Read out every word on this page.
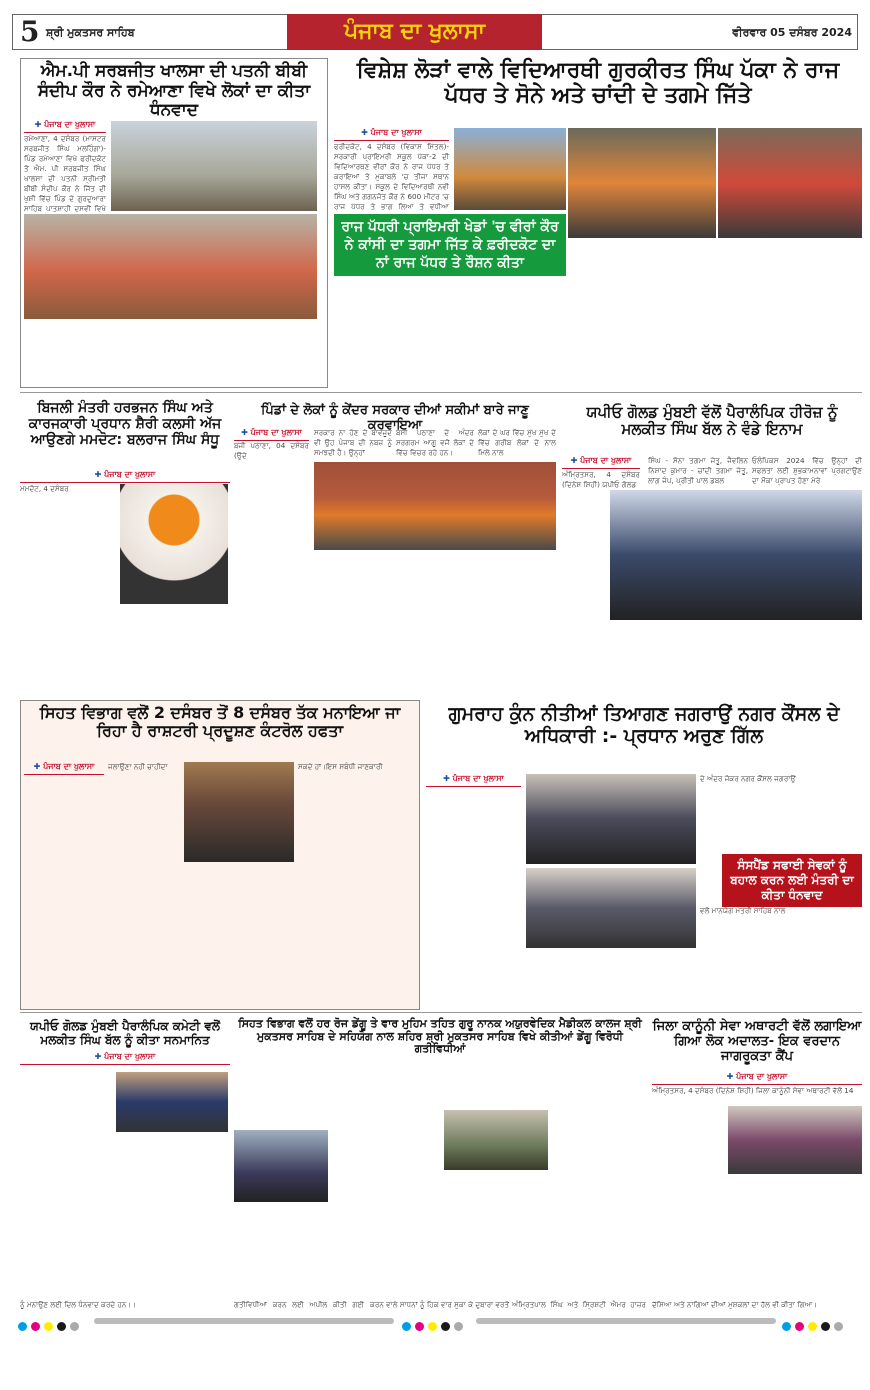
5 ਸ਼੍ਰੀ ਮੁਕਤਸਰ ਸਾਹਿਬ	ਪੰਜਾਬ ਦਾ ਖੁਲਾਸਾ	ਵੀਰਵਾਰ 05 ਦਸੰਬਰ 2024
ਐਮ.ਪੀ ਸਰਬਜੀਤ ਖਾਲਸਾ ਦੀ ਪਤਨੀ ਬੀਬੀ ਸੰਦੀਪ ਕੌਰ ਨੇ ਰਮੇਆਣਾ ਵਿਖੇ ਲੋਕਾਂ ਦਾ ਕੀਤਾ ਧੰਨਵਾਦ
✚ ਪੰਜਾਬ ਦਾ ਖੁਲਾਸਾ
ਰਮੇਆਣਾ, 4 ਦਸੰਬਰ (ਮਾਸਟਰ ਸਰਬਜੀਤ ਸਿੰਘ ਮਲਹਿੰਗਾ)- ਪਿੰਡ ਰਮੇਆਣਾ ਵਿਖੇ ਫਰੀਦਕੋਟ ਤੋਂ ਐਮ. ਪੀ ਸਰਬਜੀਤ ਸਿੰਘ ਖਾਲਸਾ ਦੀ ਪਤਨੀ ਸ੍ਰੀਮਤੀ ਬੀਬੀ ਸੰਦੀਪ ਕੌਰ ਨੇ ਜਿੱਤ ਦੀ ਖੁਸ਼ੀ ਵਿੱਚ ਪਿੰਡ ਦੇ ਗੁਰਦੁਆਰਾ ਸਾਹਿਬ ਪਾਤਸ਼ਾਹੀ ਦਸਵੀਂ ਵਿਖੇ
ਵਿਸ਼ੇਸ਼ ਲੋੜਾਂ ਵਾਲੇ ਵਿਦਿਆਰਥੀ ਗੁਰਕੀਰਤ ਸਿੰਘ ਪੱਕਾ ਨੇ ਰਾਜ ਪੱਧਰ ਤੇ ਸੋਨੇ ਅਤੇ ਚਾਂਦੀ ਦੇ ਤਗਮੇ ਜਿੱਤੇ
✚ ਪੰਜਾਬ ਦਾ ਖੁਲਾਸਾ
ਫਰੀਦਕੋਟ, 4 ਦਸੰਬਰ (ਵਿਕਾਸ ਮਿੱਤਲ)-ਸਰਕਾਰੀ ਪ੍ਰਾਇਮਰੀ ਸਕੂਲ ਪੱਕਾ-2 ਦੀ ਵਿਦਿਆਰਥਣ ਵੀਰਾਂ ਕੌਰ ਨੇ ਰਾਜ ਪੱਧਰ ਤੇ ਕਰਾਇਆਂ ਤੇ ਮੁਕਾਬਲੇ 'ਚ ਤੀਜਾ ਸਥਾਨ ਹਾਸਲ ਕੀਤਾ। ਸਕੂਲ ਦੇ ਵਿਦਿਆਰਥੀ ਨਵੀ ਸਿੰਘ ਅਤੇ ਗਗਨਜੋਤ ਕੌਰ ਨੇ 600 ਮੀਟਰ 'ਚ ਰਾਜ ਪੱਧਰ ਤੇ ਭਾਗ ਲਿਆ ਤੇ ਵਧੀਆ
ਰਾਜ ਪੱਧਰੀ ਪ੍ਰਾਇਮਰੀ ਖੇਡਾਂ 'ਚ ਵੀਰਾਂ ਕੌਰ ਨੇ ਕਾਂਸੀ ਦਾ ਤਗਮਾ ਜਿੱਤ ਕੇ ਫ਼ਰੀਦਕੋਟ ਦਾ ਨਾਂ ਰਾਜ ਪੱਧਰ ਤੇ ਰੌਸ਼ਨ ਕੀਤਾ
ਬਿਜਲੀ ਮੰਤਰੀ ਹਰਭਜਨ ਸਿੰਘ ਅਤੇ ਕਾਰਜਕਾਰੀ ਪ੍ਰਧਾਨ ਸ਼ੈਰੀ ਕਲਸੀ ਅੱਜ ਆਉਣਗੇ ਮਮਦੋਟ: ਬਲਰਾਜ ਸਿੰਘ ਸੰਧੂ
✚ ਪੰਜਾਬ ਦਾ ਖੁਲਾਸਾ
ਮਮਦੋਟ, 4 ਦਸੰਬਰ
ਪਿੰਡਾਂ ਦੇ ਲੋਕਾਂ ਨੂੰ ਕੇਂਦਰ ਸਰਕਾਰ ਦੀਆਂ ਸਕੀਮਾਂ ਬਾਰੇ ਜਾਣੂ ਕਰਵਾਇਆ
✚ ਪੰਜਾਬ ਦਾ ਖੁਲਾਸਾ
ਬਜੀ ਪਠਾਣਾ, 04 ਦਸੰਬਰ (ਉਦੇ
ਸਰਕਾਰ ਨਾ ਹੋਣ ਦੇ ਬਾਵਜੂਦ ਵੀ ਉਹ ਪੰਜਾਬ ਦੀ ਨਬਜ਼ ਨੂੰ ਸਮਝਦੀ ਹੈ। ਉਨ੍ਹਾਂ
ਬਸੀ ਪਠਾਣਾ ਦੇ ਅੰਦਰ ਸਰਗਰਮ ਆਗੂ ਵਜੋਂ ਲੋਕਾਂ ਦੇ ਵਿੱਚ ਵਿਚਰ ਰਹੇ ਹਨ।
ਲੋਕਾਂ ਦੇ ਘਰ ਵਿੱਚ ਮੁੱਖ ਮੁੱਖ ਦੇ ਵਿੱਚ ਗਰੀਬ ਲੋਕਾਂ ਦੇ ਨਾਲ ਮਿਲੇ ਨਾਲ
ਯਪੀਓ ਗੋਲਡ ਮੁੰਬਈ ਵੱਲੋਂ ਪੈਰਾਲੰਪਿਕ ਹੀਰੋਜ਼ ਨੂੰ ਮਲਕੀਤ ਸਿੰਘ ਬੱਲ ਨੇ ਵੰਡੇ ਇਨਾਮ
✚ ਪੰਜਾਬ ਦਾ ਖੁਲਾਸਾ
ਅੰਮ੍ਰਿਤਸਰ, 4 ਦਸੰਬਰ (ਦਿਨੇਸ਼ ਸ਼ਿਹੀ) ਯਪੀਓ ਗੋਲਡ
ਸਿੰਘ - ਸੋਨਾ ਤਗਮਾ ਜੇਤੂ, ਜੈਵਲਿਨ ਨਿਸ਼ਾਦ ਕੁਮਾਰ - ਚਾਂਦੀ ਤਗਮਾ ਜੇਤੂ, ਲਾਂਗ ਜੰਪ, ਪ੍ਰੀਤੀ ਪਾਲ ਡਬਲ
ਓਲੰਪਿਕਸ 2024 ਵਿੱਚ ਉਨ੍ਹਾਂ ਦੀ ਸਫਲਤਾ ਲਈ ਸ਼ੁਭਕਾਮਨਾਵਾਂ ਪ੍ਰਗਟਾਉਣ ਦਾ ਮੌਕਾ ਪ੍ਰਾਪਤ ਹੋਣਾ ਮੇਰੇ
ਸਿਹਤ ਵਿਭਾਗ ਵਲੋਂ 2 ਦਸੰਬਰ ਤੋਂ 8 ਦਸੰਬਰ ਤੱਕ ਮਨਾਇਆ ਜਾ ਰਿਹਾ ਹੈ ਰਾਸ਼ਟਰੀ ਪ੍ਰਦੂਸ਼ਣ ਕੰਟਰੋਲ ਹਫਤਾ
✚ ਪੰਜਾਬ ਦਾ ਖੁਲਾਸਾ	ਜਲਾਉਣਾ ਨਹੀ ਚਾਹੀਦਾ	ਸਕਦੇ ਹਾਂ।ਇਸ ਸਬੰਧੀ ਜਾਣਕਾਰੀ
ਗੁਮਰਾਹ ਕੁੰਨ ਨੀਤੀਆਂ ਤਿਆਗਣ ਜਗਰਾਉਂ ਨਗਰ ਕੌਂਸਲ ਦੇ ਅਧਿਕਾਰੀ :- ਪ੍ਰਧਾਨ ਅਰੁਣ ਗਿੱਲ
✚ ਪੰਜਾਬ ਦਾ ਖੁਲਾਸਾ	ਦੇ ਅੰਦਰ ਜੋਕਰ ਨਗਰ ਕੌਂਸਲ ਜਗਰਾਉਂ
ਸੰਸਪੈਂਡ ਸਫਾਈ ਸੇਵਕਾਂ ਨੂੰ ਬਹਾਲ ਕਰਨ ਲਈ ਮੰਤਰੀ ਦਾ ਕੀਤਾ ਧੰਨਵਾਦ
ਵਲੋਂ ਮਾਨਯੋਗ ਮੰਤਰੀ ਸਾਹਿਬ ਨਾਲ
ਯਪੀਓ ਗੋਲਡ ਮੁੰਬਈ ਪੈਰਾਲੰਪਿਕ ਕਮੇਟੀ ਵਲੋਂ ਮਲਕੀਤ ਸਿੰਘ ਬੱਲ ਨੂੰ ਕੀਤਾ ਸਨਮਾਨਿਤ
✚ ਪੰਜਾਬ ਦਾ ਖੁਲਾਸਾ
ਸਿਹਤ ਵਿਭਾਗ ਵਲੋਂ ਹਰ ਰੋਜ ਡੇਂਗੂ ਤੇ ਵਾਰ ਮੁਹਿਮ ਤਹਿਤ ਗੁਰੂ ਨਾਨਕ ਅਯੁਰਵੇਦਿਕ ਮੈਡੀਕਲ ਕਾਲਜ ਸ਼੍ਰੀ ਮੁਕਤਸਰ ਸਾਹਿਬ ਦੇ ਸਹਿਯੋਗ ਨਾਲ ਸ਼ਹਿਰ ਸ਼੍ਰੀ ਮੁਕਤਸਰ ਸਾਹਿਬ ਵਿਖੇ ਕੀਤੀਆਂ ਡੇਂਗੂ ਵਿਰੋਧੀ ਗਤੀਵਿਧੀਆਂ
ਜਿਲਾ ਕਾਨੂੰਨੀ ਸੇਵਾ ਅਥਾਰਟੀ ਵੱਲੋਂ ਲਗਾਇਆ ਗਿਆ ਲੋਕ ਅਦਾਲਤ- ਇਕ ਵਰਦਾਨ ਜਾਗਰੂਕਤਾ ਕੈਂਪ
✚ ਪੰਜਾਬ ਦਾ ਖੁਲਾਸਾ
ਅੰਮ੍ਰਿਤਸਰ, 4 ਦਸੰਬਰ (ਦਿਨੇਸ਼ ਸ਼ਿਹੀ) ਜਿਲਾ ਕਾਨੂੰਨੀ ਸੇਵਾ ਅਥਾਰਟੀ ਵੱਲੋਂ 14
ਨੂੰ ਮਨਾਉਣ ਲਈ ਦਿਲ ਧੰਨਵਾਦ ਕਰਦੇ ਹਨ।।	ਗਤੀਵਿਧੀਆਂ ਕਰਨ ਲਈ ਅਪੀਲ ਕੀਤੀ ਗਈ ਕਰਨ ਵਾਲੇ ਸਾਧਨਾਂ ਨੂੰ ਹਿਕ ਵਾਰ ਸੁਕਾ ਕੇ ਦੁਬਾਰਾ ਵਰਤੋਂ ਅੰਮ੍ਰਿਤਪਾਲ ਸਿੰਘ ਅਤੇ ਸ੍ਰਿਸ਼ਟੀ ਐਮਰ ਹਾਜ਼ਰ ਦੱਸਿਆ ਅਤੇ ਨਾਗਿਆਂ ਦੀਆਂ ਮੁਸ਼ਕਲਾਂ ਦਾ ਹੱਲ ਵੀ ਕੀਤਾ ਗਿਆ।
